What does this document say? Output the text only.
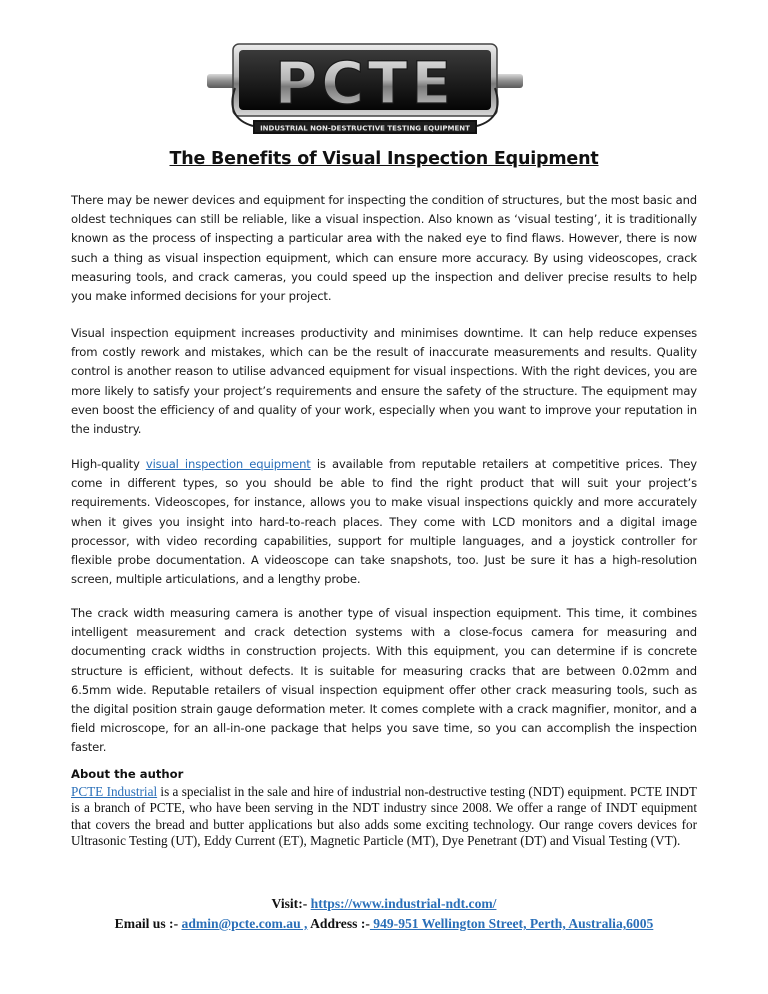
INDUSTRIAL NON-DESTRUCTIVE TESTING EQUIPMENT
PCTE
The Benefits of Visual Inspection Equipment

There may be newer devices and equipment for inspecting the condition of structures, but the most basic and oldest techniques can still be reliable, like a visual inspection. Also known as ‘visual testing’, it is traditionally known as the process of inspecting a particular area with the naked eye to find flaws. However, there is now such a thing as visual inspection equipment, which can ensure more accuracy. By using videoscopes, crack measuring tools, and crack cameras, you could speed up the inspection and deliver precise results to help you make informed decisions for your project.

Visual inspection equipment increases productivity and minimises downtime. It can help reduce expenses from costly rework and mistakes, which can be the result of inaccurate measurements and results. Quality control is another reason to utilise advanced equipment for visual inspections. With the right devices, you are more likely to satisfy your project’s requirements and ensure the safety of the structure. The equipment may even boost the efficiency of and quality of your work, especially when you want to improve your reputation in the industry.

High-quality visual inspection equipment is available from reputable retailers at competitive prices. They come in different types, so you should be able to find the right product that will suit your project’s requirements. Videoscopes, for instance, allows you to make visual inspections quickly and more accurately when it gives you insight into hard-to-reach places. They come with LCD monitors and a digital image processor, with video recording capabilities, support for multiple languages, and a joystick controller for flexible probe documentation. A videoscope can take snapshots, too. Just be sure it has a high-resolution screen, multiple articulations, and a lengthy probe.

The crack width measuring camera is another type of visual inspection equipment. This time, it combines intelligent measurement and crack detection systems with a close-focus camera for measuring and documenting crack widths in construction projects. With this equipment, you can determine if is concrete structure is efficient, without defects. It is suitable for measuring cracks that are between 0.02mm and 6.5mm wide. Reputable retailers of visual inspection equipment offer other crack measuring tools, such as the digital position strain gauge deformation meter. It comes complete with a crack magnifier, monitor, and a field microscope, for an all-in-one package that helps you save time, so you can accomplish the inspection faster.

About the author

PCTE Industrial is a specialist in the sale and hire of industrial non-destructive testing (NDT) equipment. PCTE INDT is a branch of PCTE, who have been serving in the NDT industry since 2008. We offer a range of INDT equipment that covers the bread and butter applications but also adds some exciting technology. Our range covers devices for Ultrasonic Testing (UT), Eddy Current (ET), Magnetic Particle (MT), Dye Penetrant (DT) and Visual Testing (VT).

Visit:- https://www.industrial-ndt.com/
Email us :- admin@pcte.com.au , Address :- 949-951 Wellington Street, Perth, Australia,6005
